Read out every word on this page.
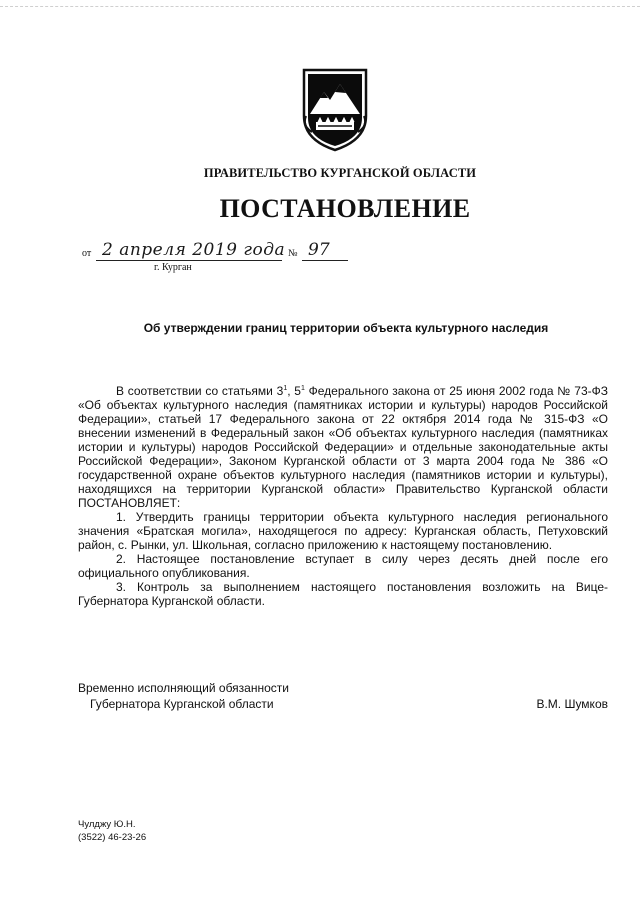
ПРАВИТЕЛЬСТВО КУРГАНСКОЙ ОБЛАСТИ
ПОСТАНОВЛЕНИЕ
от 2 апреля 2019 года № 97
г. Курган
Об утверждении границ территории объекта культурного наследия

В соответствии со статьями $3^1$, $5^1$ Федерального закона от 25 июня 2002 года № 73-ФЗ «Об объектах культурного наследия (памятниках истории и культуры) народов Российской Федерации», статьей 17 Федерального закона от 22 октября 2014 года № 315-ФЗ «О внесении изменений в Федеральный закон «Об объектах культурного наследия (памятниках истории и культуры) народов Российской Федерации» и отдельные законодательные акты Российской Федерации», Законом Курганской области от 3 марта 2004 года № 386 «О государственной охране объектов культурного наследия (памятников истории и культуры), находящихся на территории Курганской области» Правительство Курганской области ПОСТАНОВЛЯЕТ:

1. Утвердить границы территории объекта культурного наследия регионального значения «Братская могила», находящегося по адресу: Курганская область, Петуховский район, с. Рынки, ул. Школьная, согласно приложению к настоящему постановлению.

2. Настоящее постановление вступает в силу через десять дней после его официального опубликования.

3. Контроль за выполнением настоящего постановления возложить на Вице-Губернатора Курганской области.

Временно исполняющий обязанности
Губернатора Курганской области	В.М. Шумков
Чулджу Ю.Н.
(3522) 46-23-26
